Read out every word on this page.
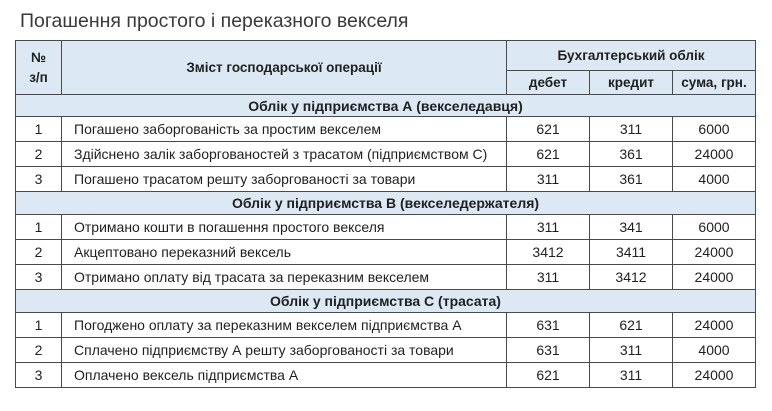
Погашення простого і переказного векселя
№
з/п	Зміст господарської операції	Бухгалтерський облік		
		дебет	кредит	сума, грн.
Облік у підприємства А (векселедавця)				
1	Погашено заборгованість за простим векселем	621	311	6000
2	Здійснено залік заборгованостей з трасатом (підприємством С)	621	361	24000
3	Погашено трасатом решту заборгованості за товари	311	361	4000
Облік у підприємства В (векселедержателя)				
1	Отримано кошти в погашення простого векселя	311	341	6000
2	Акцептовано переказний вексель	3412	3411	24000
3	Отримано оплату від трасата за переказним векселем	311	3412	24000
Облік у підприємства С (трасата)				
1	Погоджено оплату за переказним векселем підприємства А	631	621	24000
2	Сплачено підприємству А решту заборгованості за товари	631	311	4000
3	Оплачено вексель підприємства А	621	311	24000
